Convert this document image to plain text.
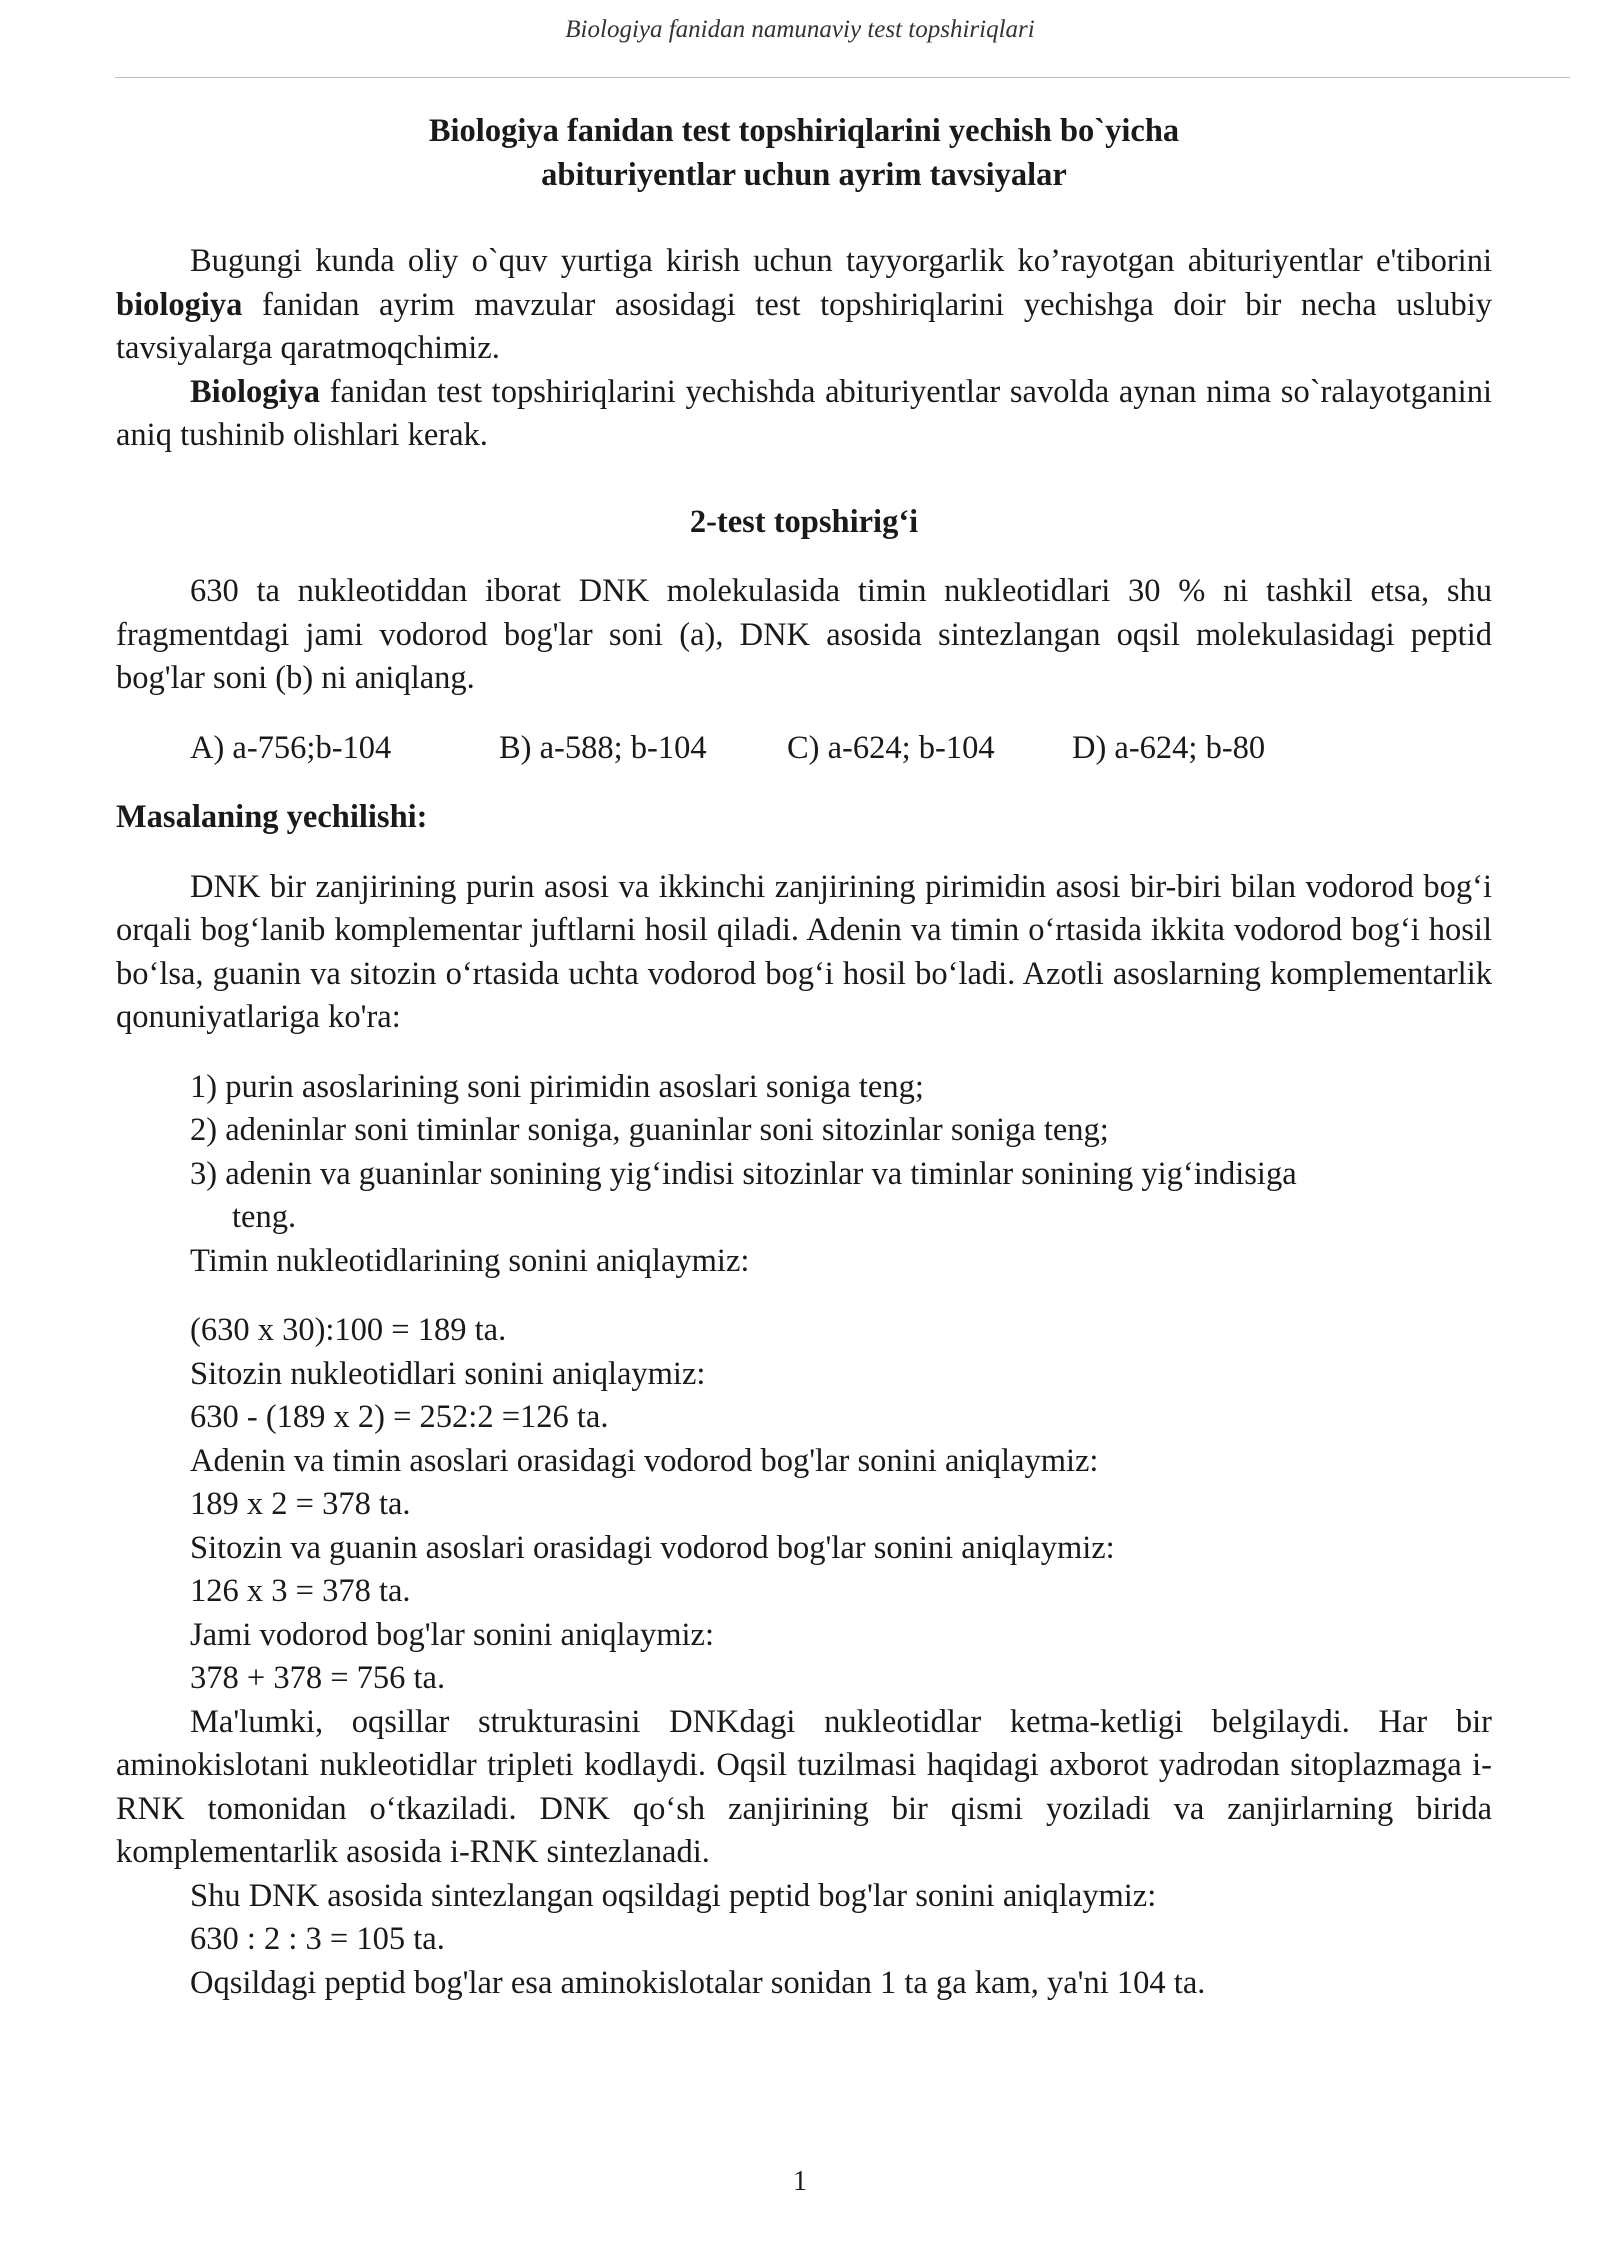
Biologiya fanidan namunaviy test topshiriqlari

Biologiya fanidan test topshiriqlarini yechish bo`yicha

abituriyentlar uchun ayrim tavsiyalar

Bugungi kunda oliy o`quv yurtiga kirish uchun tayyorgarlik ko’rayotgan abituriyentlar e'tiborini biologiya fanidan ayrim mavzular asosidagi test topshiriqlarini yechishga doir bir necha uslubiy tavsiyalarga qaratmoqchimiz.

Biologiya fanidan test topshiriqlarini yechishda abituriyentlar savolda aynan nima so`ralayotganini aniq tushinib olishlari kerak.

2-test topshirig‘i

630 ta nukleotiddan iborat DNK molekulasida timin nukleotidlari 30 % ni tashkil etsa, shu fragmentdagi jami vodorod bog'lar soni (a), DNK asosida sintezlangan oqsil molekulasidagi peptid bog'lar soni (b) ni aniqlang.

A) a-756;b-104	B) a-588; b-104	C) a-624; b-104	D) a-624; b-80

Masalaning yechilishi:

DNK bir zanjirining purin asosi va ikkinchi zanjirining pirimidin asosi bir-biri bilan vodorod bog‘i orqali bog‘lanib komplementar juftlarni hosil qiladi. Adenin va timin o‘rtasida ikkita vodorod bog‘i hosil bo‘lsa, guanin va sitozin o‘rtasida uchta vodorod bog‘i hosil bo‘ladi. Azotli asoslarning komplementarlik qonuniyatlariga ko'ra:

1) purin asoslarining soni pirimidin asoslari soniga teng;

2) adeninlar soni timinlar soniga, guaninlar soni sitozinlar soniga teng;

3) adenin va guaninlar sonining yig‘indisi sitozinlar va timinlar sonining yig‘indisiga

teng.

Timin nukleotidlarining sonini aniqlaymiz:

(630 x 30):100 = 189 ta.

Sitozin nukleotidlari sonini aniqlaymiz:

630 - (189 x 2) = 252:2 =126 ta.

Adenin va timin asoslari orasidagi vodorod bog'lar sonini aniqlaymiz:

189 x 2 = 378 ta.

Sitozin va guanin asoslari orasidagi vodorod bog'lar sonini aniqlaymiz:

126 x 3 = 378 ta.

Jami vodorod bog'lar sonini aniqlaymiz:

378 + 378 = 756 ta.

Ma'lumki, oqsillar strukturasini DNKdagi nukleotidlar ketma-ketligi belgilaydi. Har bir aminokislotani nukleotidlar tripleti kodlaydi. Oqsil tuzilmasi haqidagi axborot yadrodan sitoplazmaga i-RNK tomonidan o‘tkaziladi. DNK qo‘sh zanjirining bir qismi yoziladi va zanjirlarning birida komplementarlik asosida i-RNK sintezlanadi.

Shu DNK asosida sintezlangan oqsildagi peptid bog'lar sonini aniqlaymiz:

630 : 2 : 3 = 105 ta.

Oqsildagi peptid bog'lar esa aminokislotalar sonidan 1 ta ga kam, ya'ni 104 ta.

1
